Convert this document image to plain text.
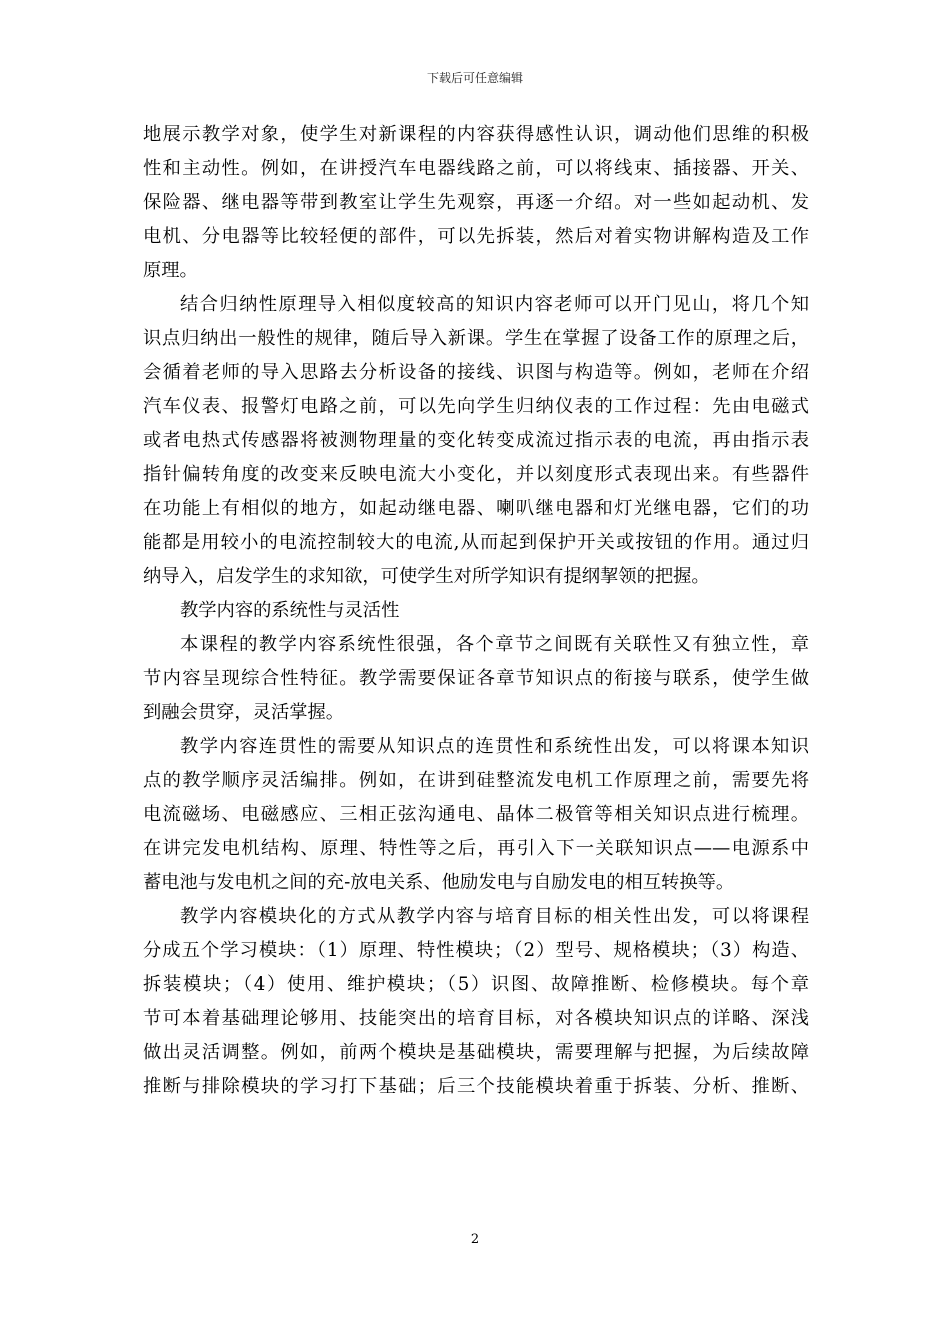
下载后可任意编辑
地展示教学对象，使学生对新课程的内容获得感性认识，调动他们思维的积极
性和主动性。例如，在讲授汽车电器线路之前，可以将线束、插接器、开关、
保险器、继电器等带到教室让学生先观察，再逐一介绍。对一些如起动机、发
电机、分电器等比较轻便的部件，可以先拆装，然后对着实物讲解构造及工作
原理。
结合归纳性原理导入相似度较高的知识内容老师可以开门见山，将几个知
识点归纳出一般性的规律，随后导入新课。学生在掌握了设备工作的原理之后，
会循着老师的导入思路去分析设备的接线、识图与构造等。例如，老师在介绍
汽车仪表、报警灯电路之前，可以先向学生归纳仪表的工作过程：先由电磁式
或者电热式传感器将被测物理量的变化转变成流过指示表的电流，再由指示表
指针偏转角度的改变来反映电流大小变化，并以刻度形式表现出来。有些器件
在功能上有相似的地方，如起动继电器、喇叭继电器和灯光继电器，它们的功
能都是用较小的电流控制较大的电流,从而起到保护开关或按钮的作用。通过归
纳导入，启发学生的求知欲，可使学生对所学知识有提纲挈领的把握。
教学内容的系统性与灵活性
本课程的教学内容系统性很强，各个章节之间既有关联性又有独立性，章
节内容呈现综合性特征。教学需要保证各章节知识点的衔接与联系，使学生做
到融会贯穿，灵活掌握。
教学内容连贯性的需要从知识点的连贯性和系统性出发，可以将课本知识
点的教学顺序灵活编排。例如，在讲到硅整流发电机工作原理之前，需要先将
电流磁场、电磁感应、三相正弦沟通电、晶体二极管等相关知识点进行梳理。
在讲完发电机结构、原理、特性等之后，再引入下一关联知识点——电源系中
蓄电池与发电机之间的充-放电关系、他励发电与自励发电的相互转换等。
教学内容模块化的方式从教学内容与培育目标的相关性出发，可以将课程
分成五个学习模块：（1）原理、特性模块；（2）型号、规格模块；（3）构造、
拆装模块；（4）使用、维护模块；（5）识图、故障推断、检修模块。每个章
节可本着基础理论够用、技能突出的培育目标，对各模块知识点的详略、深浅
做出灵活调整。例如，前两个模块是基础模块，需要理解与把握，为后续故障
推断与排除模块的学习打下基础；后三个技能模块着重于拆装、分析、推断、
2
